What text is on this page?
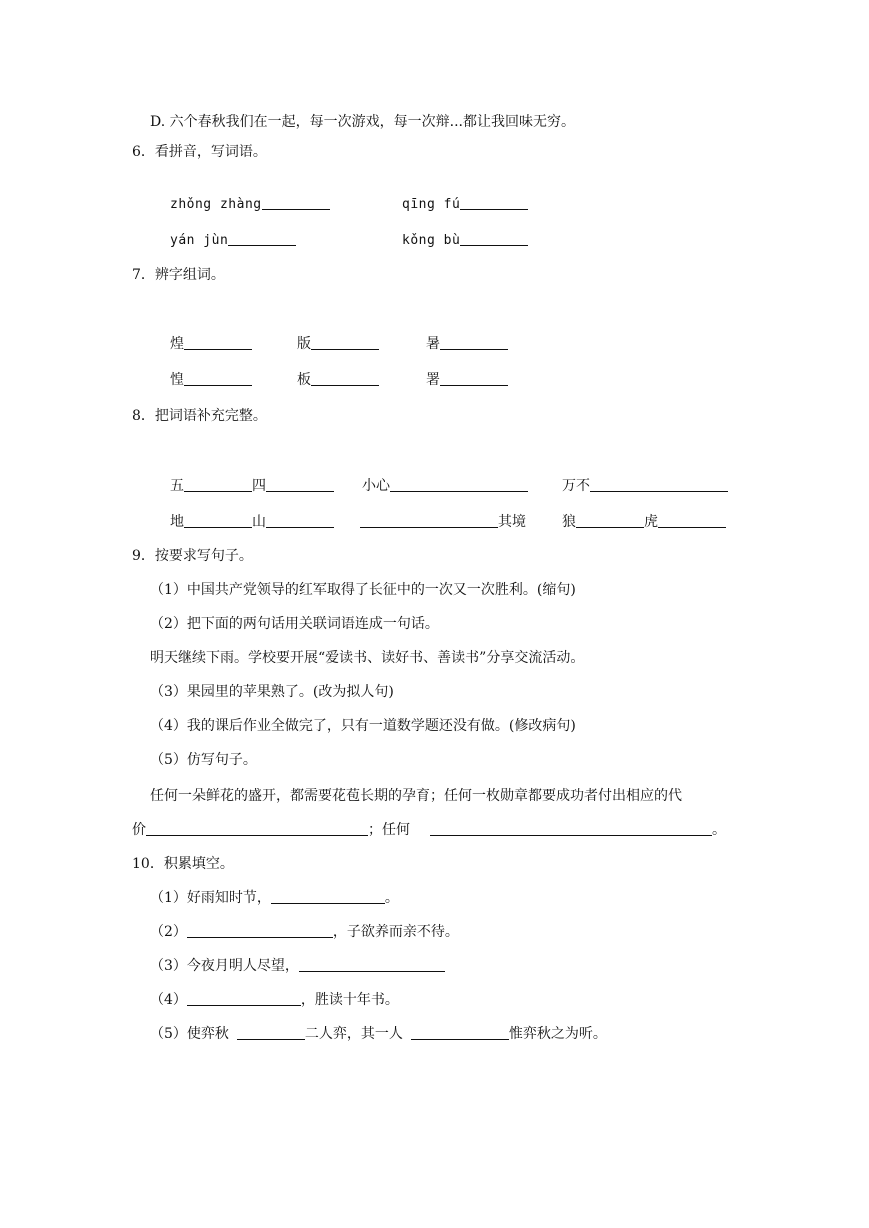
D. 六个春秋我们在一起，每一次游戏，每一次辩...都让我回味无穷。
6．看拼音，写词语。
zhǒng zhàng	qīng fú
yán jùn	kǒng bù
7．辨字组词。
煌	版	暑
惶	板	署
8．把词语补充完整。
五	四	小心	万不
地	山	其境	狼	虎
9．按要求写句子。
（1）中国共产党领导的红军取得了长征中的一次又一次胜利。(缩句)
（2）把下面的两句话用关联词语连成一句话。
明天继续下雨。学校要开展“爱读书、读好书、善读书”分享交流活动。
（3）果园里的苹果熟了。(改为拟人句)
（4）我的课后作业全做完了，只有一道数学题还没有做。(修改病句)
（5）仿写句子。
任何一朵鲜花的盛开，都需要花苞长期的孕育；任何一枚勋章都要成功者付出相应的代
价	；任何	。
10．积累填空。
（1）好雨知时节，	。
（2）	，子欲养而亲不待。
（3）今夜月明人尽望，
（4）	，胜读十年书。
（5）使弈秋	二人弈，其一人	惟弈秋之为听。
